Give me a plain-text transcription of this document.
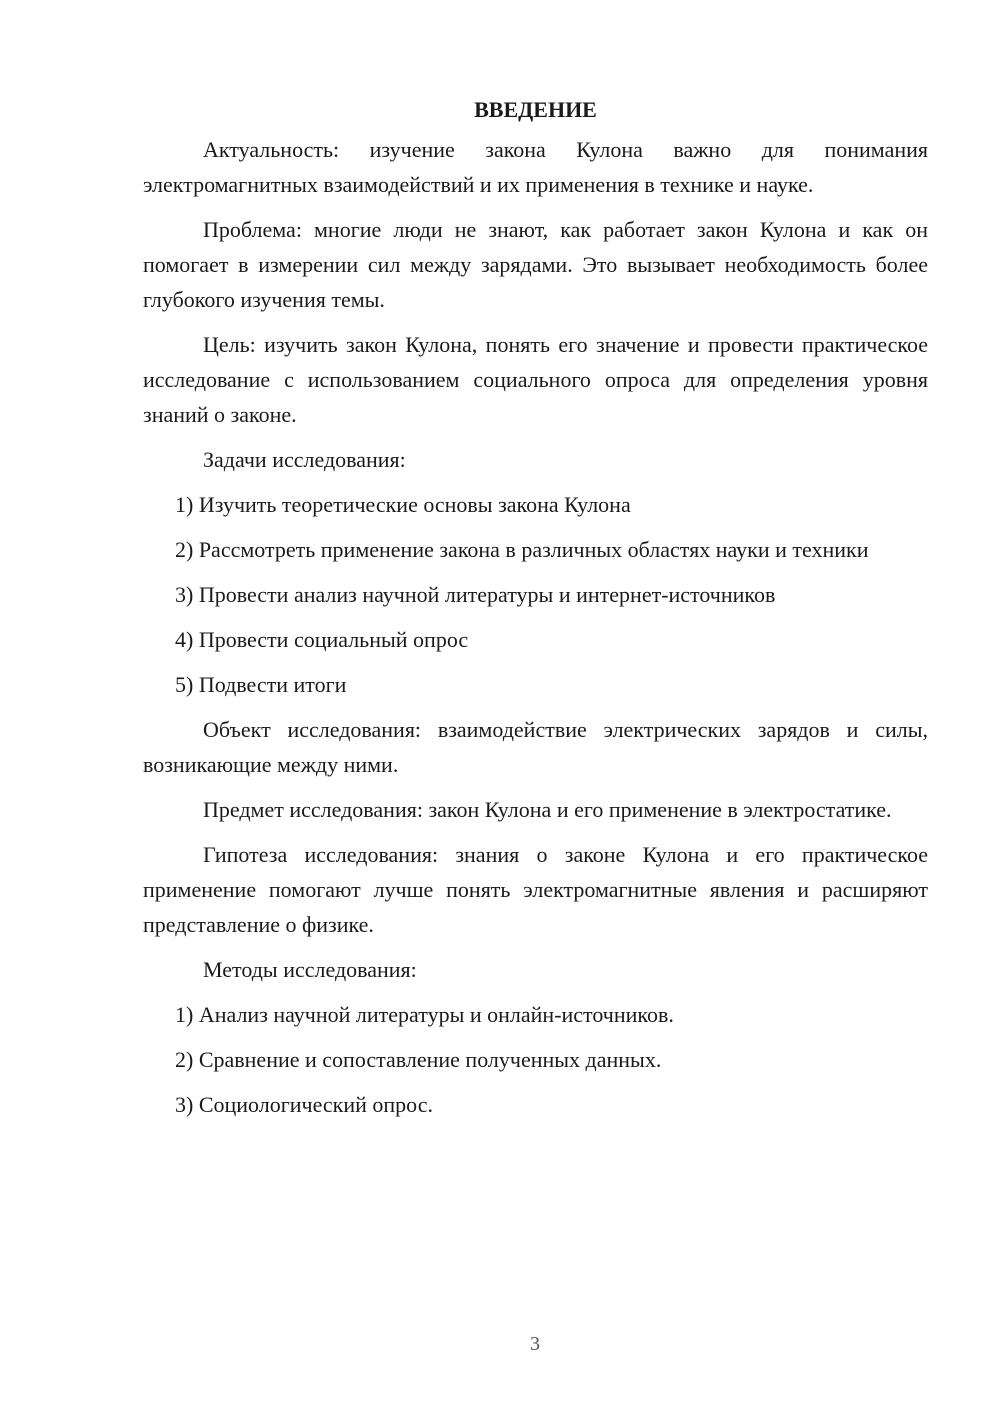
ВВЕДЕНИЕ
Актуальность: изучение закона Кулона важно для понимания электромагнитных взаимодействий и их применения в технике и науке.
Проблема: многие люди не знают, как работает закон Кулона и как он помогает в измерении сил между зарядами. Это вызывает необходимость более глубокого изучения темы.
Цель: изучить закон Кулона, понять его значение и провести практическое исследование с использованием социального опроса для определения уровня знаний о законе.
Задачи исследования:
1) Изучить теоретические основы закона Кулона
2) Рассмотреть применение закона в различных областях науки и техники
3) Провести анализ научной литературы и интернет-источников
4) Провести социальный опрос
5) Подвести итоги
Объект исследования: взаимодействие электрических зарядов и силы, возникающие между ними.
Предмет исследования: закон Кулона и его применение в электростатике.
Гипотеза исследования: знания о законе Кулона и его практическое применение помогают лучше понять электромагнитные явления и расширяют представление о физике.
Методы исследования:
1) Анализ научной литературы и онлайн-источников.
2) Сравнение и сопоставление полученных данных.
3) Социологический опрос.
3
